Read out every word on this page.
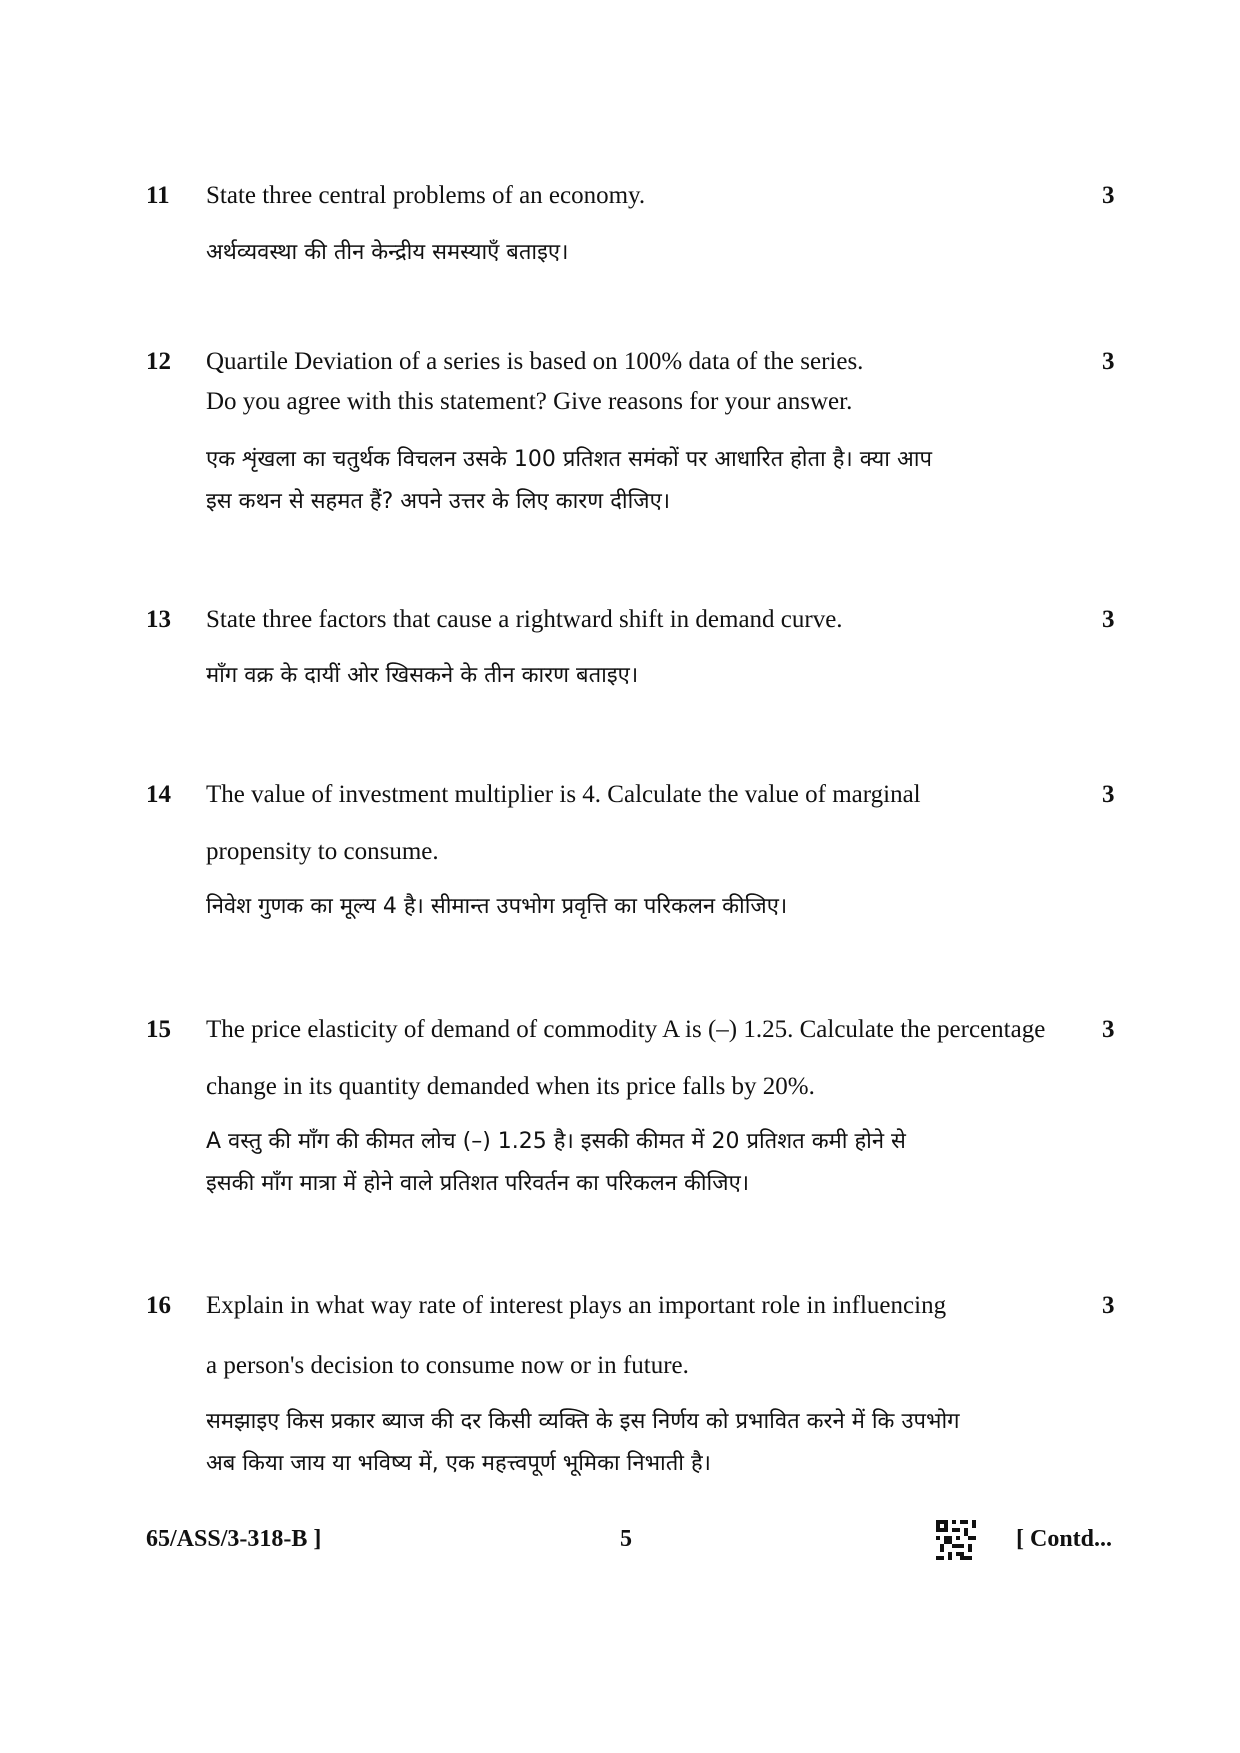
11	3
State three central problems of an economy.
अर्थव्यवस्था की तीन केन्द्रीय समस्याएँ बताइए।
12	3
Quartile Deviation of a series is based on 100% data of the series.
Do you agree with this statement? Give reasons for your answer.
एक शृंखला का चतुर्थक विचलन उसके 100 प्रतिशत समंकों पर आधारित होता है। क्या आप
इस कथन से सहमत हैं? अपने उत्तर के लिए कारण दीजिए।
13	3
State three factors that cause a rightward shift in demand curve.
माँग वक्र के दायीं ओर खिसकने के तीन कारण बताइए।
14	3
The value of investment multiplier is 4. Calculate the value of marginal
propensity to consume.
निवेश गुणक का मूल्य 4 है। सीमान्त उपभोग प्रवृत्ति का परिकलन कीजिए।
15	3
The price elasticity of demand of commodity A is (–) 1.25. Calculate the percentage
change in its quantity demanded when its price falls by 20%.
A वस्तु की माँग की कीमत लोच (–) 1.25 है। इसकी कीमत में 20 प्रतिशत कमी होने से
इसकी माँग मात्रा में होने वाले प्रतिशत परिवर्तन का परिकलन कीजिए।
16	3
Explain in what way rate of interest plays an important role in influencing
a person's decision to consume now or in future.
समझाइए किस प्रकार ब्याज की दर किसी व्यक्ति के इस निर्णय को प्रभावित करने में कि उपभोग
अब किया जाय या भविष्य में, एक महत्त्वपूर्ण भूमिका निभाती है।
65/ASS/3-318-B ]	5	[ Contd...
